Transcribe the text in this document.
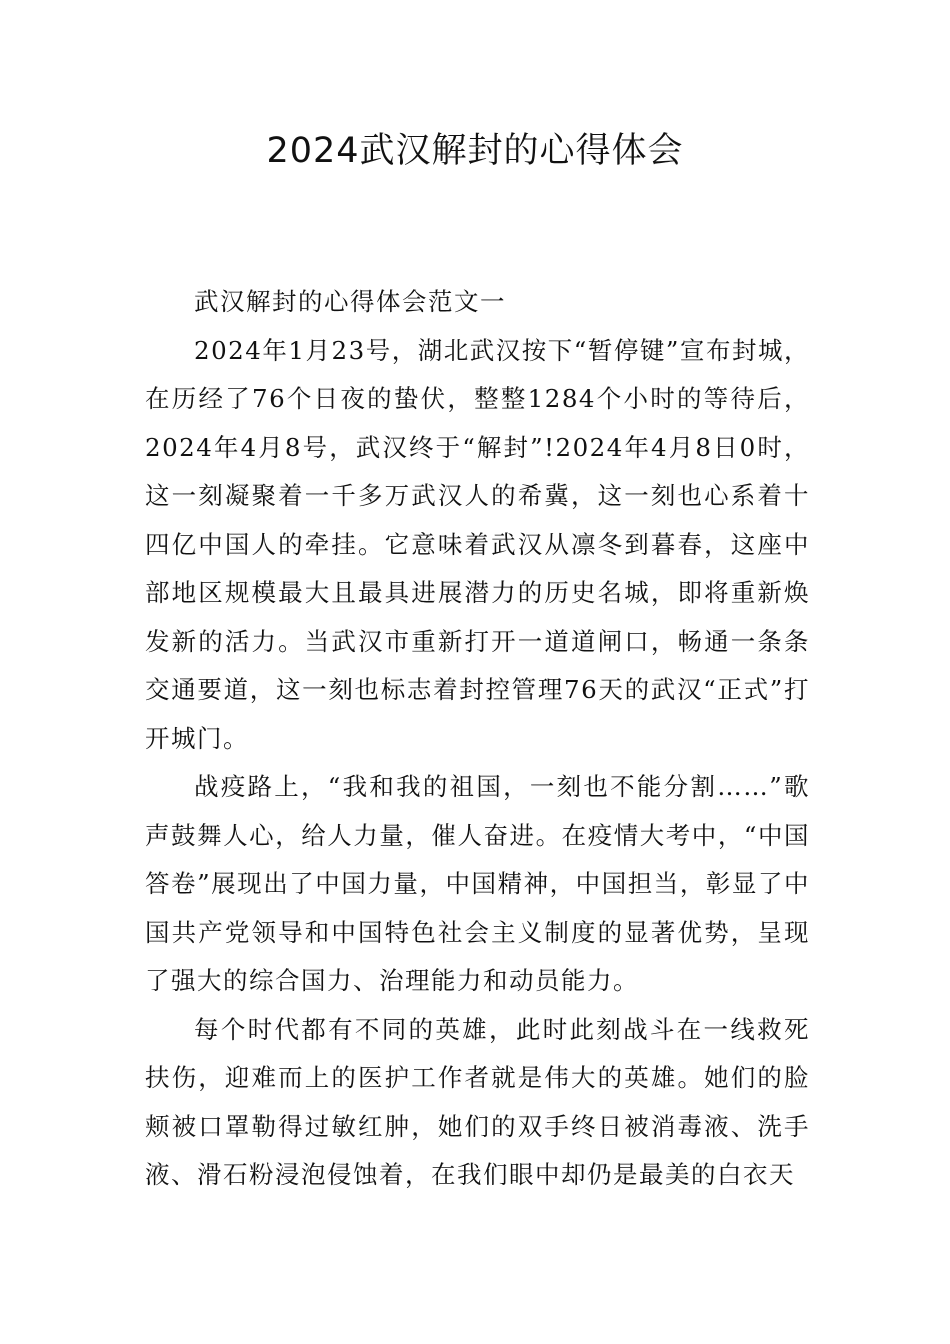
2024武汉解封的心得体会

武汉解封的心得体会范文一

2024年1月23号，湖北武汉按下“暂停键”宣布封城，在历经了76个日夜的蛰伏，整整1284个小时的等待后，2024年4月8号，武汉终于“解封”!2024年4月8日0时，这一刻凝聚着一千多万武汉人的希冀，这一刻也心系着十四亿中国人的牵挂。它意味着武汉从凛冬到暮春，这座中部地区规模最大且最具进展潜力的历史名城，即将重新焕发新的活力。当武汉市重新打开一道道闸口，畅通一条条交通要道，这一刻也标志着封控管理76天的武汉“正式”打开城门。

战疫路上，“我和我的祖国，一刻也不能分割……”歌声鼓舞人心，给人力量，催人奋进。在疫情大考中，“中国答卷”展现出了中国力量，中国精神，中国担当，彰显了中国共产党领导和中国特色社会主义制度的显著优势，呈现了强大的综合国力、治理能力和动员能力。

每个时代都有不同的英雄，此时此刻战斗在一线救死扶伤，迎难而上的医护工作者就是伟大的英雄。她们的脸颊被口罩勒得过敏红肿，她们的双手终日被消毒液、洗手液、滑石粉浸泡侵蚀着，在我们眼中却仍是最美的白衣天
